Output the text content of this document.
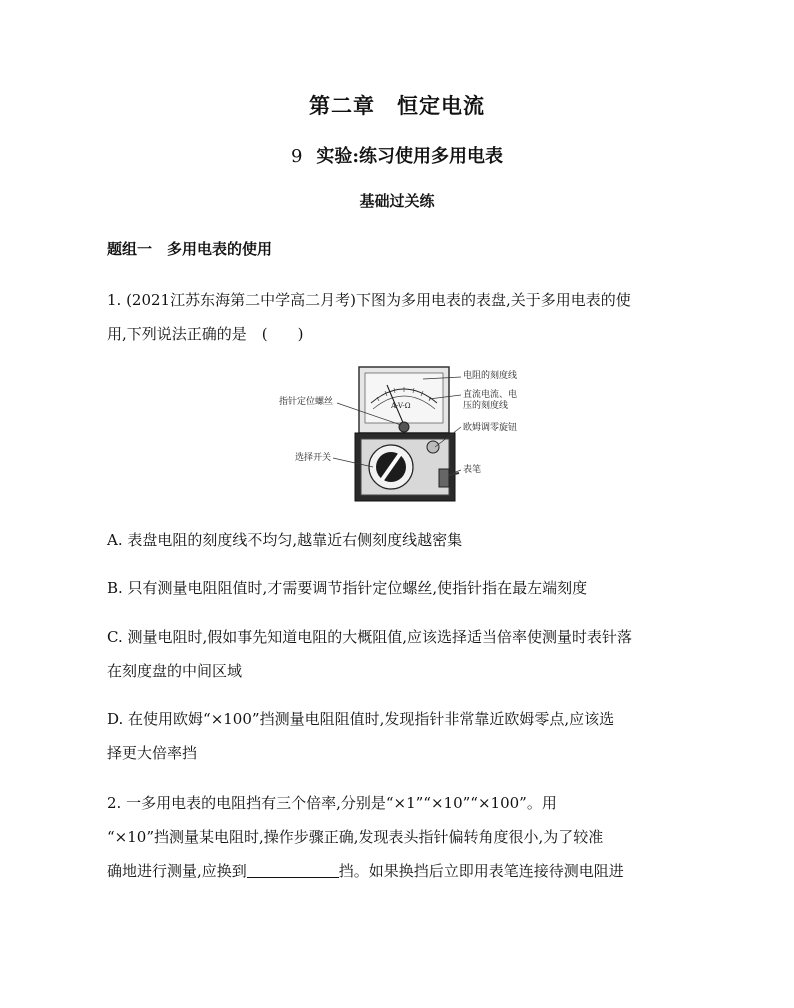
第二章　恒定电流
9 实验:练习使用多用电表
基础过关练
题组一　多用电表的使用
1. (2021江苏东海第二中学高二月考)下图为多用电表的表盘,关于多用电表的使
用,下列说法正确的是　(　　)
电阻的刻度线
直流电流、电
压的刻度线
欧姆调零旋钮
指针定位螺丝
选择开关
表笔
A-V-Ω
A. 表盘电阻的刻度线不均匀,越靠近右侧刻度线越密集
B. 只有测量电阻阻值时,才需要调节指针定位螺丝,使指针指在最左端刻度
C. 测量电阻时,假如事先知道电阻的大概阻值,应该选择适当倍率使测量时表针落
在刻度盘的中间区域
D. 在使用欧姆“×100”挡测量电阻阻值时,发现指针非常靠近欧姆零点,应该选
择更大倍率挡
2. 一多用电表的电阻挡有三个倍率,分别是“×1”“×10”“×100”。用
“×10”挡测量某电阻时,操作步骤正确,发现表头指针偏转角度很小,为了较准
确地进行测量,应换到	挡。如果换挡后立即用表笔连接待测电阻进
